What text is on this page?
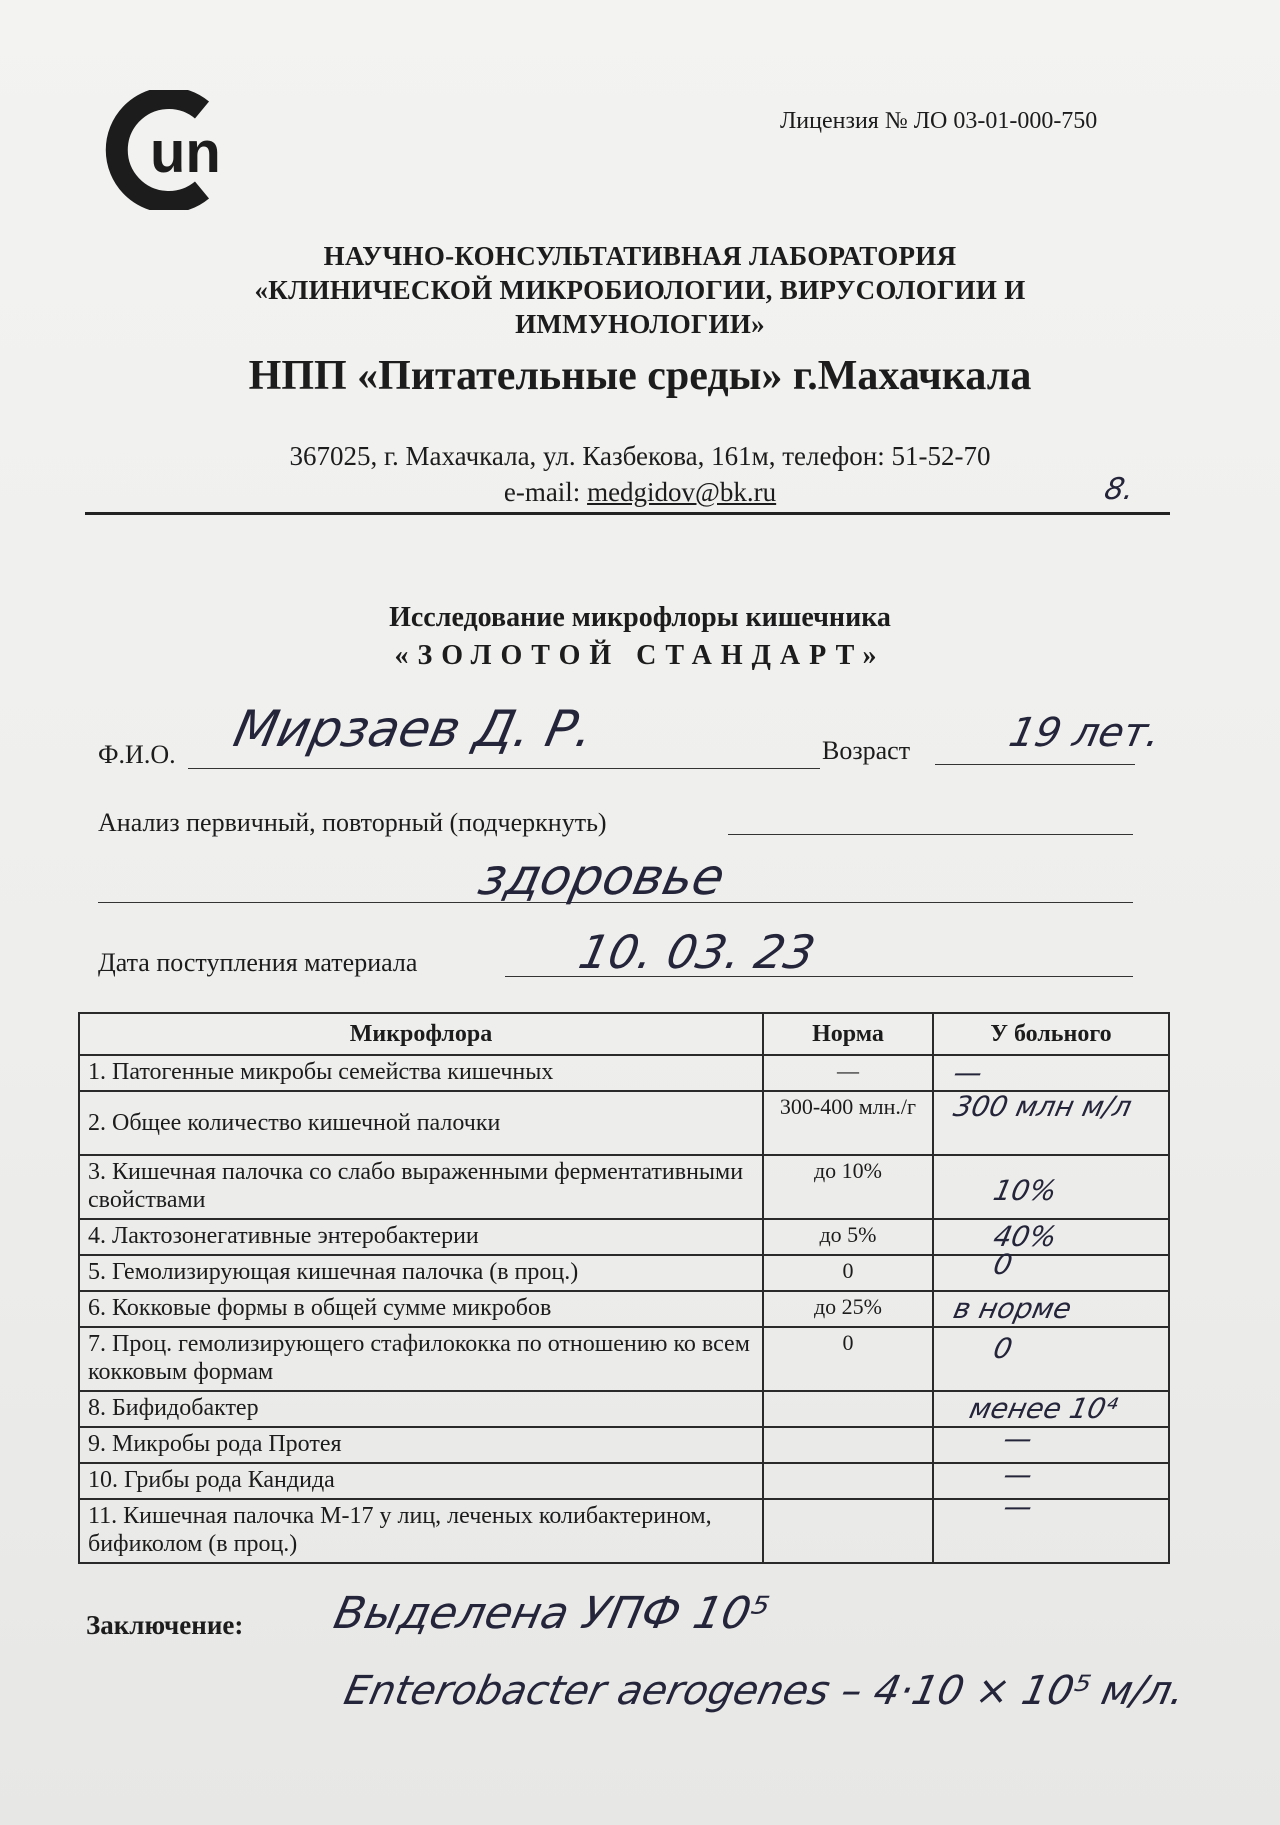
un	Лицензия № ЛО 03-01-000-750
НАУЧНО-КОНСУЛЬТАТИВНАЯ ЛАБОРАТОРИЯ
«КЛИНИЧЕСКОЙ МИКРОБИОЛОГИИ, ВИРУСОЛОГИИ И
ИММУНОЛОГИИ»
НПП «Питательные среды» г.Махачкала
367025, г. Махачкала, ул. Казбекова, 161м, телефон: 51-52-70
e-mail: medgidov@bk.ru	8.
Исследование микрофлоры кишечника
«ЗОЛОТОЙ СТАНДАРТ»
Ф.И.О. Мирзаев Д. Р.	Возраст 19 лет.
Анализ первичный, повторный (подчеркнуть)
здоровье
Дата поступления материала	10. 03. 23
Микрофлора	Норма	У больного
1. Патогенные микробы семейства кишечных	—	—

2. Общее количество кишечной палочки	300-400 млн./г	300 млн м/л

3. Кишечная палочка со слабо выраженными ферментативными свойствами	до 10%	10%

4. Лактозонегативные энтеробактерии	до 5%	40%

5. Гемолизирующая кишечная палочка (в проц.)	0	0

6. Кокковые формы в общей сумме микробов	до 25%	в норме

7. Проц. гемолизирующего стафилококка по отношению ко всем кокковым формам	0	0

8. Бифидобактер		менее 10⁴

9. Микробы рода Протея		—

10. Грибы рода Кандида		—

11. Кишечная палочка М-17 у лиц, леченых колибактерином, бификолом (в проц.)		—
Заключение: Выделена УПФ 10⁵
Enterobacter aerogenes – 4·10 × 10⁵ м/л.
